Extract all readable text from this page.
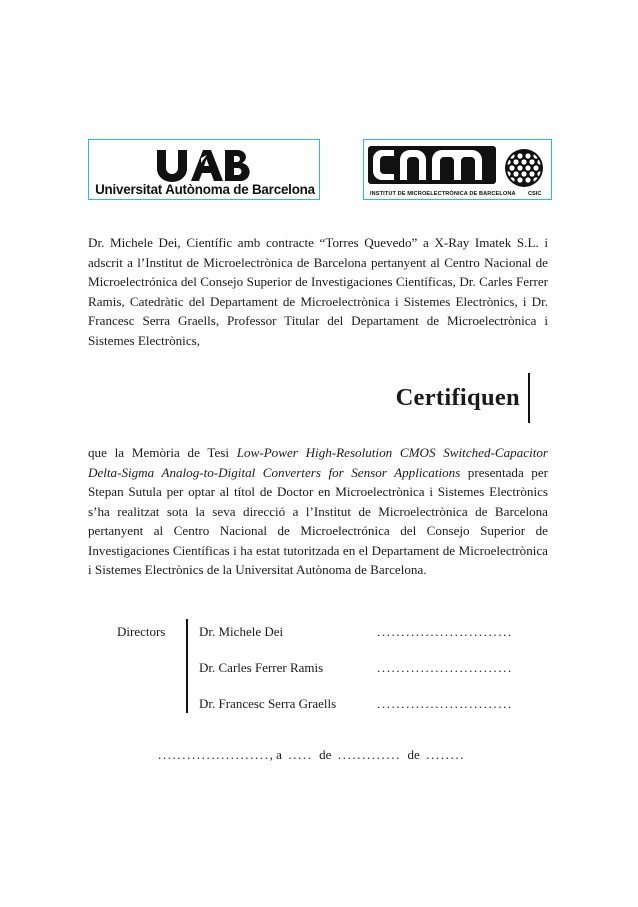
Universitat Autònoma de Barcelona	INSTITUT DE MICROELECTRÒNICA DE BARCELONA CSIC
Dr. Michele Dei, Científic amb contracte “Torres Quevedo” a X-Ray Imatek S.L. i adscrit a l’Institut de Microelectrònica de Barcelona pertanyent al Centro Nacional de Microelectrónica del Consejo Superior de Investigaciones Científicas, Dr. Carles Ferrer Ramis, Catedràtic del Departament de Microelectrònica i Sistemes Electrònics, i Dr. Francesc Serra Graells, Professor Titular del Departament de Microelectrònica i Sistemes Electrònics,
Certifiquen
que la Memòria de Tesi Low-Power High-Resolution CMOS Switched-Capacitor Delta-Sigma Analog-to-Digital Converters for Sensor Applications presentada per Stepan Sutula per optar al títol de Doctor en Microelectrònica i Sistemes Electrònics s’ha realitzat sota la seva direcció a l’Institut de Microelectrònica de Barcelona pertanyent al Centro Nacional de Microelectrónica del Consejo Superior de Investigaciones Científicas i ha estat tutoritzada en el Departament de Microelectrònica i Sistemes Electrònics de la Universitat Autònoma de Barcelona.
Directors	Dr. Michele Dei	............................
Dr. Carles Ferrer Ramis	............................
Dr. Francesc Serra Graells	............................
......................., a ..... de ............. de ........
